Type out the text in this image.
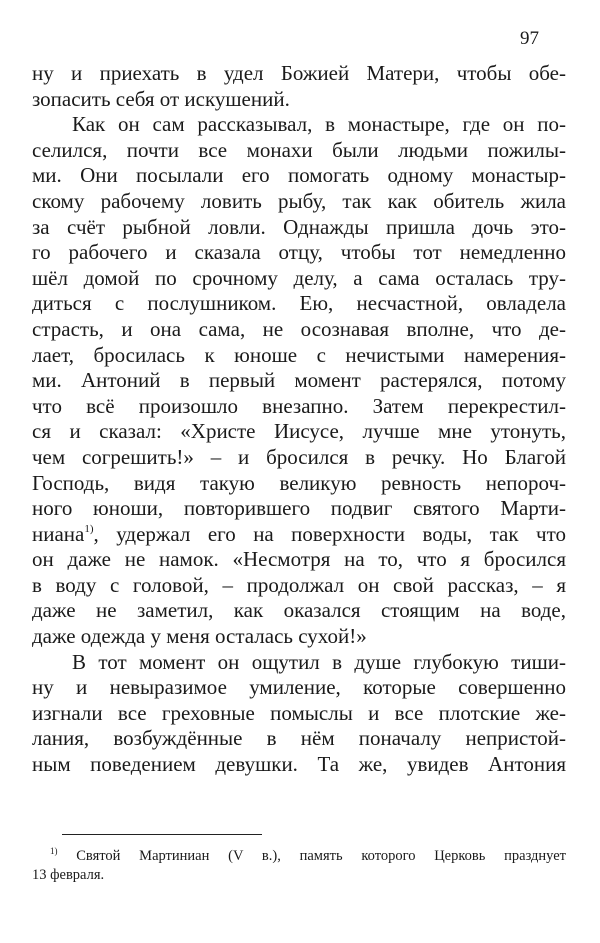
97
ну и приехать в удел Божией Матери, чтобы обе-
зопасить себя от искушений.
Как он сам рассказывал, в монастыре, где он по-
селился, почти все монахи были людьми пожилы-
ми. Они посылали его помогать одному монастыр-
скому рабочему ловить рыбу, так как обитель жила
за счёт рыбной ловли. Однажды пришла дочь это-
го рабочего и сказала отцу, чтобы тот немедленно
шёл домой по срочному делу, а сама осталась тру-
диться с послушником. Ею, несчастной, овладела
страсть, и она сама, не осознавая вполне, что де-
лает, бросилась к юноше с нечистыми намерения-
ми. Антоний в первый момент растерялся, потому
что всё произошло внезапно. Затем перекрестил-
ся и сказал: «Христе Иисусе, лучше мне утонуть,
чем согрешить!» – и бросился в речку. Но Благой
Господь, видя такую великую ревность непороч-
ного юноши, повторившего подвиг святого Марти-
ниана$^{1)}$, удержал его на поверхности воды, так что
он даже не намок. «Несмотря на то, что я бросился
в воду с головой, – продолжал он свой рассказ, – я
даже не заметил, как оказался стоящим на воде,
даже одежда у меня осталась сухой!»
В тот момент он ощутил в душе глубокую тиши-
ну и невыразимое умиление, которые совершенно
изгнали все греховные помыслы и все плотские же-
лания, возбуждённые в нём поначалу непристой-
ным поведением девушки. Та же, увидев Антония
$^{1)}$ Святой Мартиниан (V в.), память которого Церковь празднует
13 февраля.
